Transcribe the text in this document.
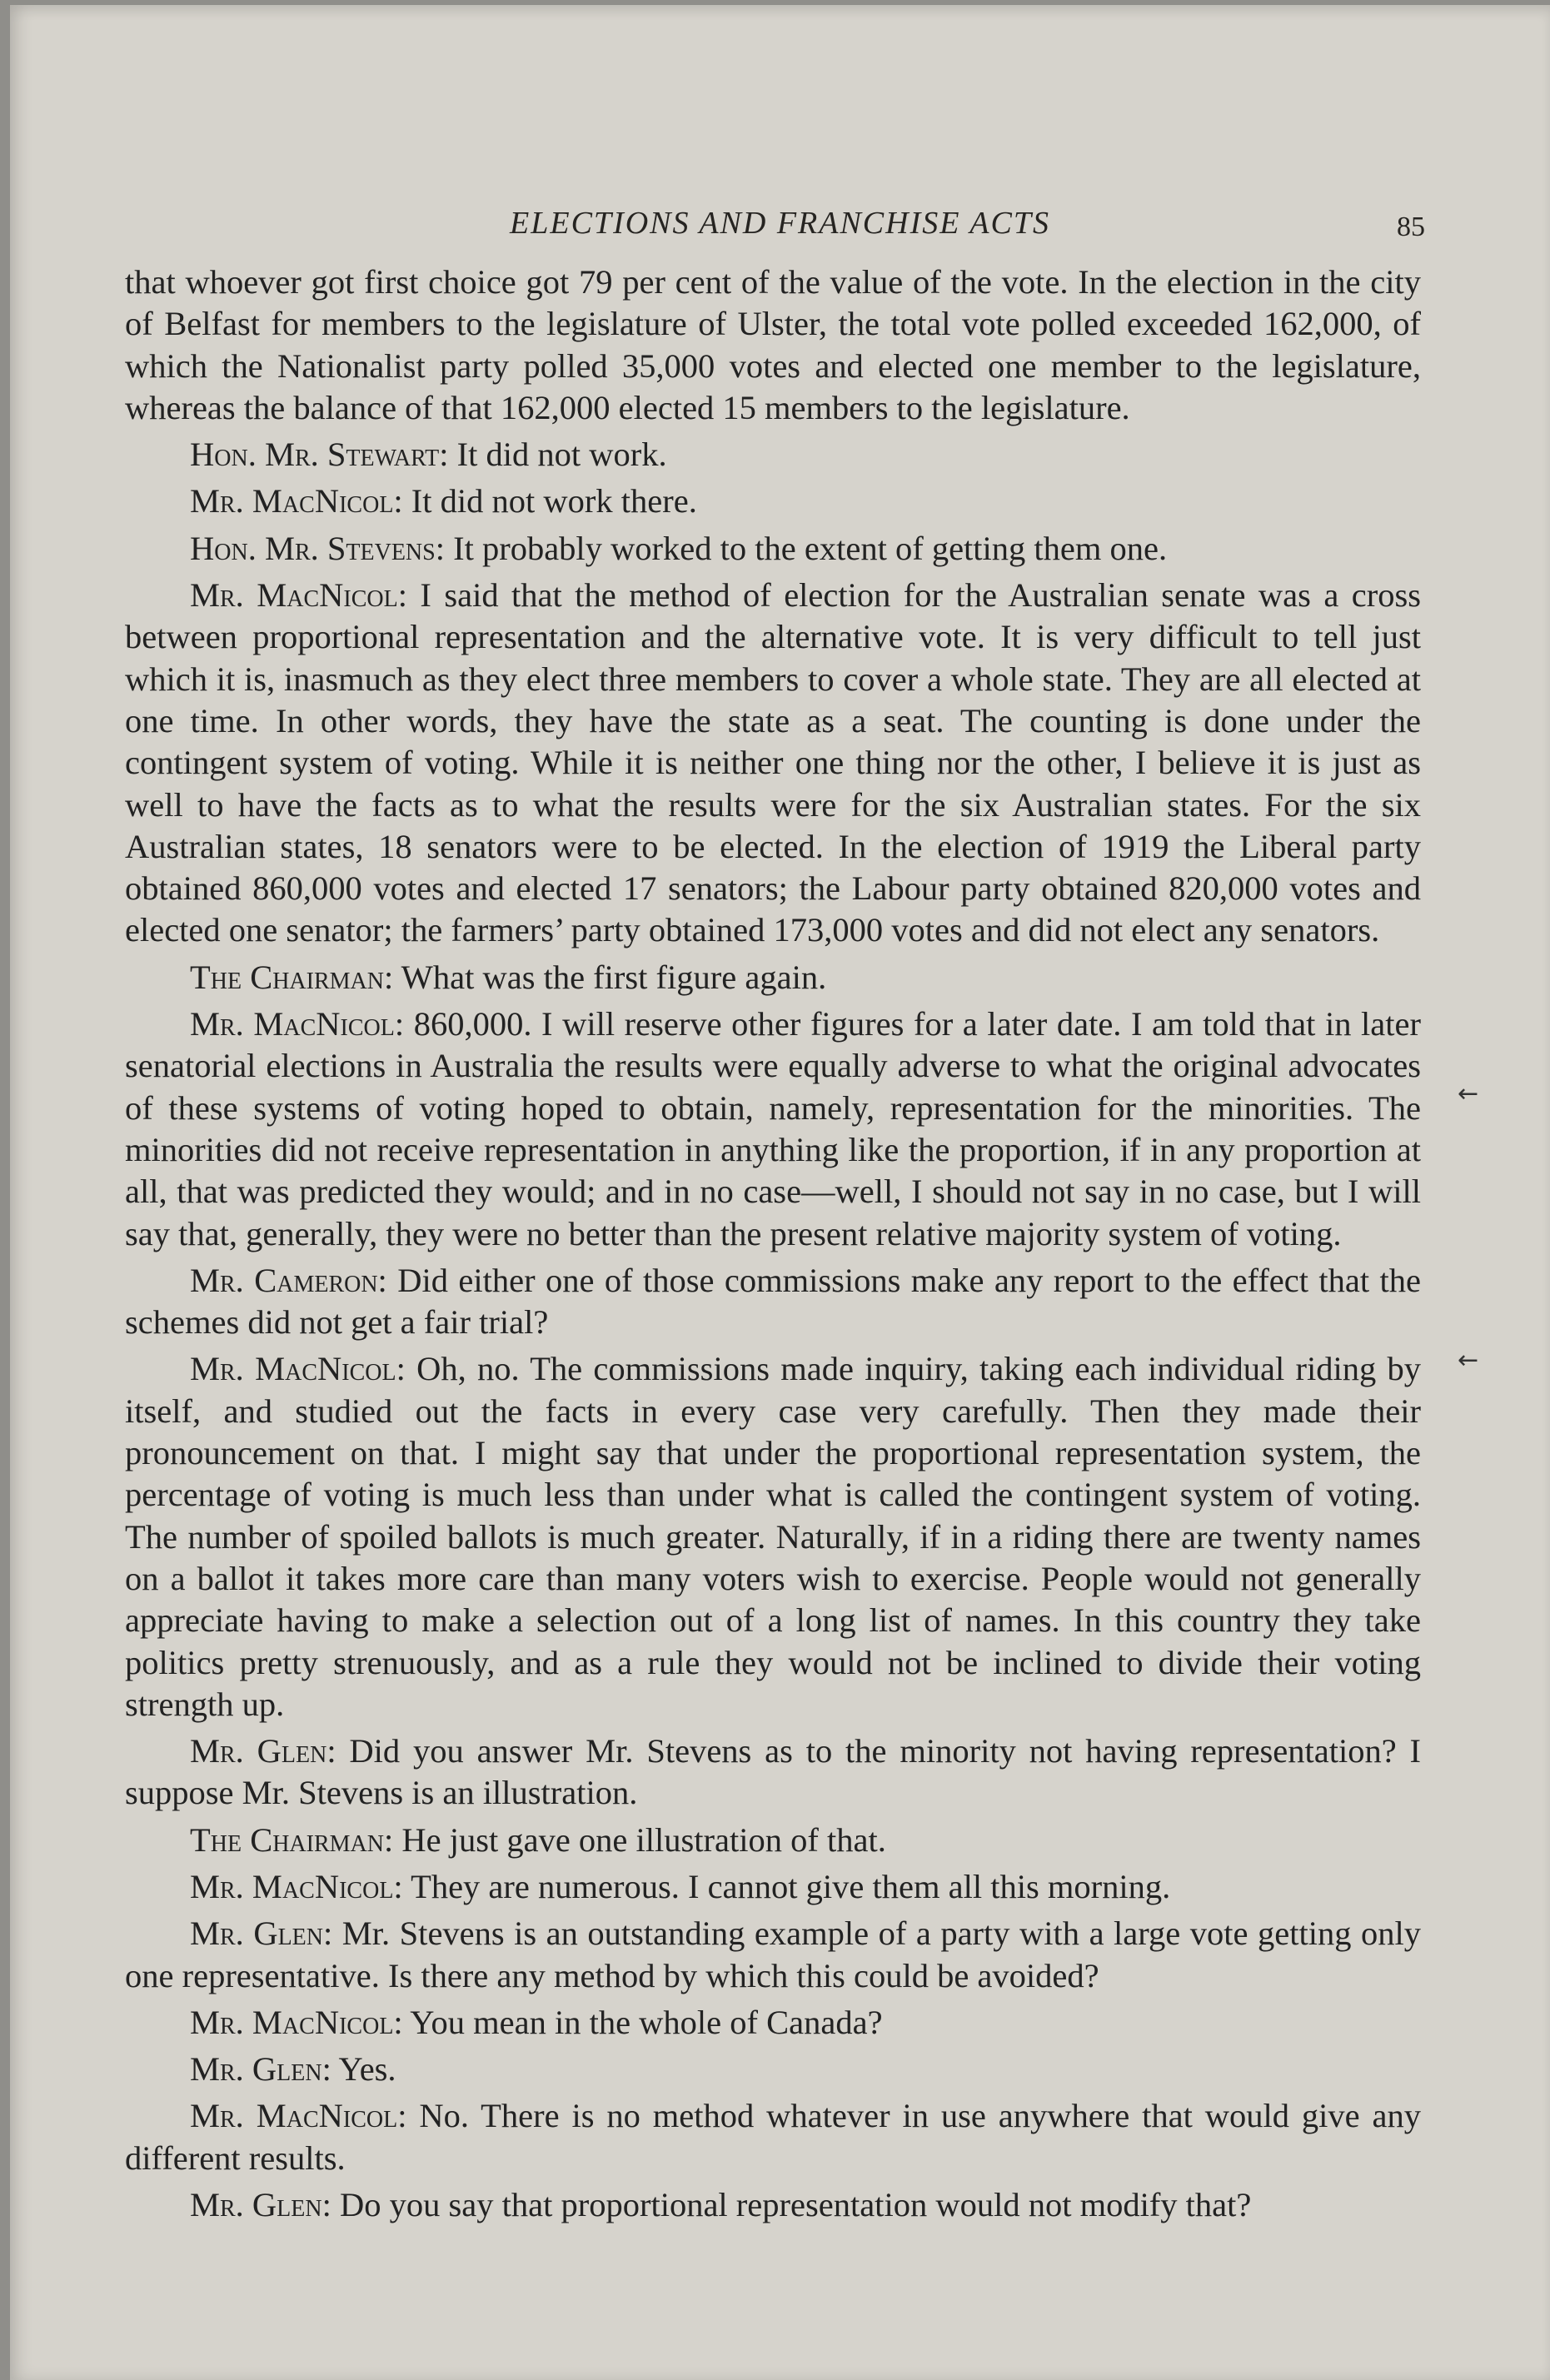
ELECTIONS AND FRANCHISE ACTS	85

that whoever got first choice got 79 per cent of the value of the vote. In the election in the city of Belfast for members to the legislature of Ulster, the total vote polled exceeded 162,000, of which the Nationalist party polled 35,000 votes and elected one member to the legislature, whereas the balance of that 162,000 elected 15 members to the legislature.

Hon. Mr. Stewart: It did not work.

Mr. MacNicol: It did not work there.

Hon. Mr. Stevens: It probably worked to the extent of getting them one.

Mr. MacNicol: I said that the method of election for the Australian senate was a cross between proportional representation and the alternative vote. It is very difficult to tell just which it is, inasmuch as they elect three members to cover a whole state. They are all elected at one time. In other words, they have the state as a seat. The counting is done under the contingent system of voting. While it is neither one thing nor the other, I believe it is just as well to have the facts as to what the results were for the six Australian states. For the six Australian states, 18 senators were to be elected. In the election of 1919 the Liberal party obtained 860,000 votes and elected 17 senators; the Labour party obtained 820,000 votes and elected one senator; the farmers’ party obtained 173,000 votes and did not elect any senators.

The Chairman: What was the first figure again.

Mr. MacNicol: 860,000. I will reserve other figures for a later date. I am told that in later senatorial elections in Australia the results were equally adverse to what the original advocates of these systems of voting hoped to obtain, namely, representation for the minorities. The minorities did not receive representation in anything like the proportion, if in any proportion at all, that was predicted they would; and in no case—well, I should not say in no case, but I will say that, generally, they were no better than the present relative majority system of voting.

Mr. Cameron: Did either one of those commissions make any report to the effect that the schemes did not get a fair trial?

Mr. MacNicol: Oh, no. The commissions made inquiry, taking each individual riding by itself, and studied out the facts in every case very carefully. Then they made their pronouncement on that. I might say that under the proportional representation system, the percentage of voting is much less than under what is called the contingent system of voting. The number of spoiled ballots is much greater. Naturally, if in a riding there are twenty names on a ballot it takes more care than many voters wish to exercise. People would not generally appreciate having to make a selection out of a long list of names. In this country they take politics pretty strenuously, and as a rule they would not be inclined to divide their voting strength up.

Mr. Glen: Did you answer Mr. Stevens as to the minority not having representation? I suppose Mr. Stevens is an illustration.

The Chairman: He just gave one illustration of that.

Mr. MacNicol: They are numerous. I cannot give them all this morning.

Mr. Glen: Mr. Stevens is an outstanding example of a party with a large vote getting only one representative. Is there any method by which this could be avoided?

Mr. MacNicol: You mean in the whole of Canada?

Mr. Glen: Yes.

Mr. MacNicol: No. There is no method whatever in use anywhere that would give any different results.

Mr. Glen: Do you say that proportional representation would not modify that?

←
←
